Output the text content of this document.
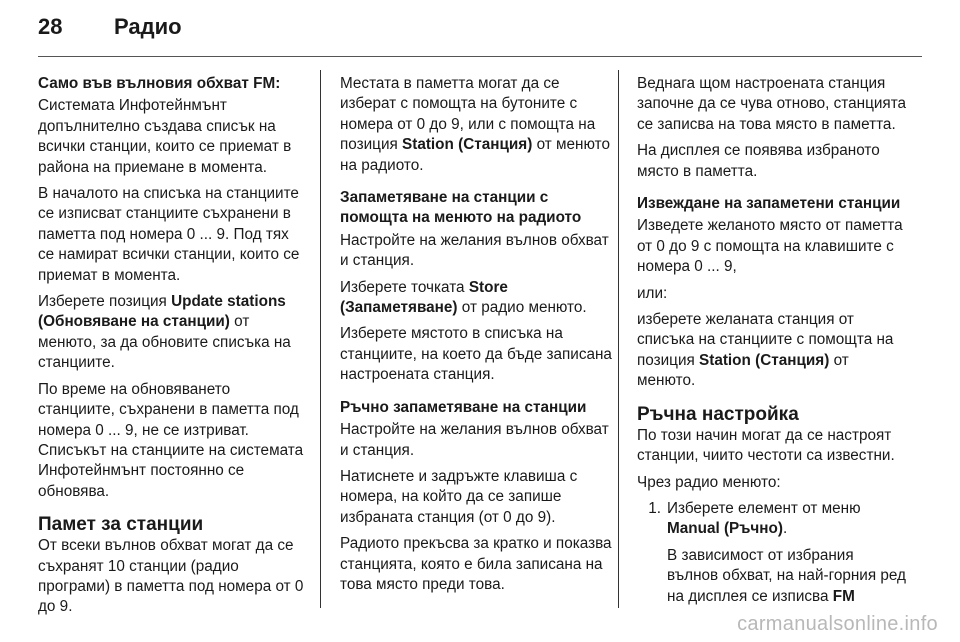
28	Радио

Само във вълновия обхват FM:

Системата Инфотейнмънт допълнително създава списък на всички станции, които се приемат в района на приемане в момента.

В началото на списъка на станциите се изписват станциите съхранени в паметта под номера 0 ... 9. Под тях се намират всички станции, които се приемат в момента.

Изберете позиция Update stations (Обновяване на станции) от менюто, за да обновите списъка на станциите.

По време на обновяването станциите, съхранени в паметта под номера 0 ... 9, не се изтриват. Списъкът на станциите на системата Инфотейнмънт постоянно се обновява.

Памет за станции

От всеки вълнов обхват могат да се съхранят 10 станции (радио програми) в паметта под номера от 0 до 9.

Местата в паметта могат да се изберат с помощта на бутоните с номера от 0 до 9, или с помощта на позиция Station (Станция) от менюто на радиото.

Запаметяване на станции с помощта на менюто на радиото

Настройте на желания вълнов обхват и станция.

Изберете точката Store (Запаметяване) от радио менюто.

Изберете мястото в списъка на станциите, на което да бъде записана настроената станция.

Ръчно запаметяване на станции

Настройте на желания вълнов обхват и станция.

Натиснете и задръжте клавиша с номера, на който да се запише избраната станция (от 0 до 9).

Радиото прекъсва за кратко и показва станцията, която е била записана на това място преди това.

Веднага щом настроената станция започне да се чува отново, станцията се записва на това място в паметта.

На дисплея се появява избраното място в паметта.

Извеждане на запаметени станции

Изведете желаното място от паметта от 0 до 9 с помощта на клавишите с номера 0 ... 9,

или:

изберете желаната станция от списъка на станциите с помощта на позиция Station (Станция) от менюто.

Ръчна настройка

По този начин могат да се настроят станции, чиито честоти са известни.

Чрез радио менюто:

1. Изберете елемент от меню Manual (Ръчно).

В зависимост от избрания вълнов обхват, на най-горния ред на дисплея се изписва FM

carmanualsonline.info
